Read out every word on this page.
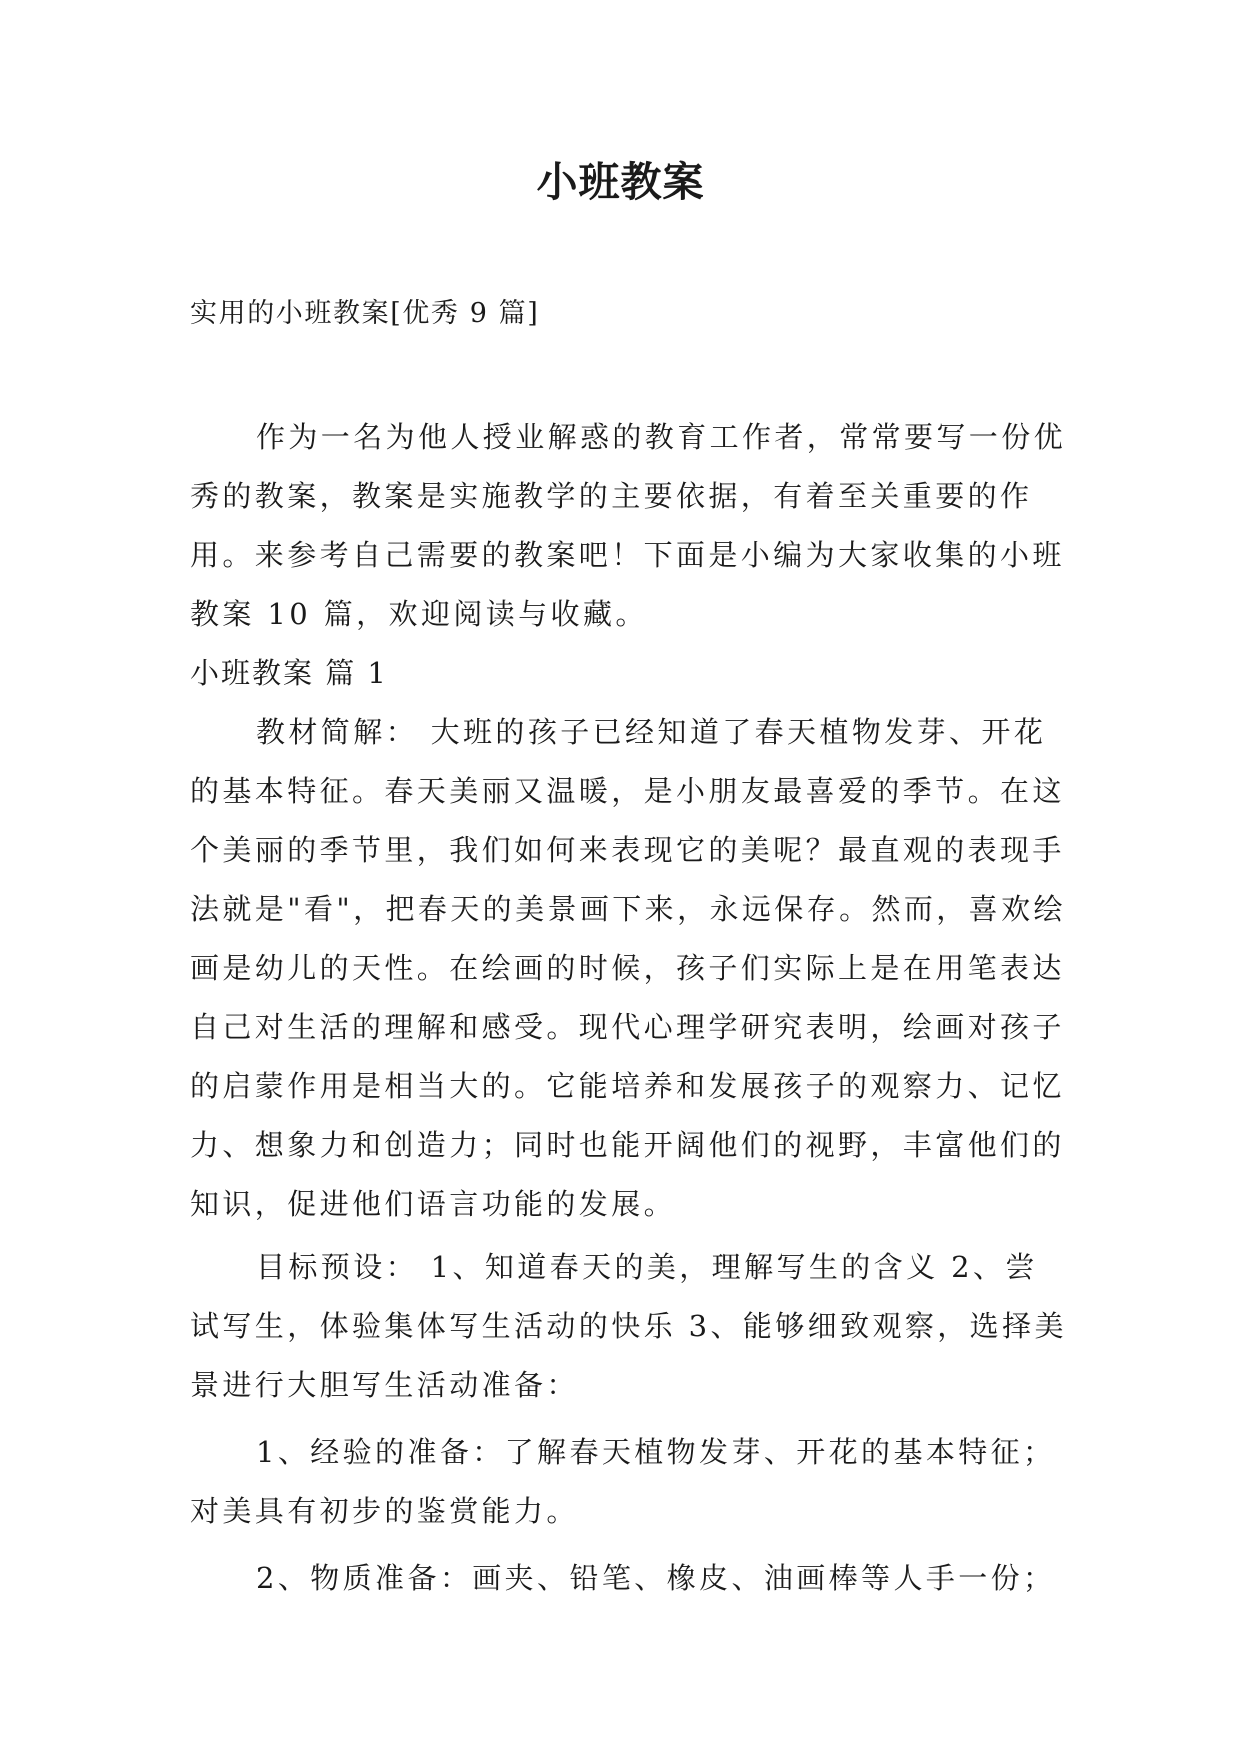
小班教案
实用的小班教案[优秀 9 篇]

作为一名为他人授业解惑的教育工作者，常常要写一份优秀的教案，教案是实施教学的主要依据，有着至关重要的作用。来参考自己需要的教案吧！下面是小编为大家收集的小班教案 10 篇，欢迎阅读与收藏。

小班教案 篇 1

教材简解： 大班的孩子已经知道了春天植物发芽、开花的基本特征。春天美丽又温暖，是小朋友最喜爱的季节。在这个美丽的季节里，我们如何来表现它的美呢？最直观的表现手法就是"看"，把春天的美景画下来，永远保存。然而，喜欢绘画是幼儿的天性。在绘画的时候，孩子们实际上是在用笔表达自己对生活的理解和感受。现代心理学研究表明，绘画对孩子的启蒙作用是相当大的。它能培养和发展孩子的观察力、记忆力、想象力和创造力；同时也能开阔他们的视野，丰富他们的知识，促进他们语言功能的发展。

目标预设： 1、知道春天的美，理解写生的含义 2、尝试写生，体验集体写生活动的快乐 3、能够细致观察，选择美景进行大胆写生活动准备：

1、经验的准备：了解春天植物发芽、开花的基本特征；对美具有初步的鉴赏能力。

2、物质准备：画夹、铅笔、橡皮、油画棒等人手一份；
